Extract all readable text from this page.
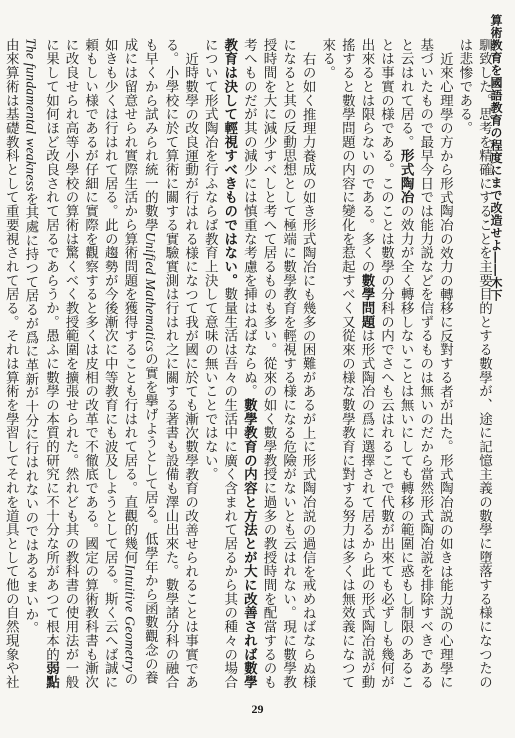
算術教育を國語教育の程度にまで改造せよ――木下

馴致した。思考を精確にすることを主要目的とする數學が、途に記憶主義の數學に墮落する様になつたのは悲惨である。

近來心理學の方から形式陶冶の效力の轉移に反對する者が出た。形式陶冶説の如きは能力説の心理學に基づいたもので最早今日では能力説などを信ずるものは無いのだから當然形式陶冶説を排除すべきであると云はれて居る。形式陶冶の效力が全く轉移しないことは無いにしても轉移の範圍に惑もし制限のあることは事實の様である。このことは數學の分科の内でさへも云はれることで代數が出來ても必ずしも幾何が出來るとは限らないのである。多くの數學問題は形式陶冶の爲に選擇されて居るから此の形式陶冶説が動搖すると數學問題の内容に變化を惹起すべく又從來の様な數學教育に對する努力は多くは無效義になつて來る。

右の如く推理力養成の如き形式陶冶にも幾多の困難があるが上に形式陶冶説の過信を戒めねばならぬ様になると其の反動思想として極端に數學教育を輕視する様になる危險がないとも云はれない。現に數學教授時間を大に減少すべしと考へて居るものも多い。從來の如く數學教授に過多の教授時間を配當するのも考へものだが其の減少には慎重な考慮を挿はねばならぬ。數學教育の内容と方法とが大に改善されば數學教育は決して輕視すべきものではない。數量生活は吾々の生活中に廣く含まれて居るから其の種々の場合について形式陶冶を行ふならば教育上決して意味の無いことではない。

近時數學の改良運動が行はれる様になつて我が國に於ても漸次數學教育の改善せられることは事實である。小學校に於て算術に關する實驗實測は行はれ之に關する著書も設備も澤山出來た。數學諸分科の融合も早くから試みられ統一的數學Unified Mathematicsの實を擧げようとして居る。低學年から函數觀念の養成には留意せられ實際生活から算術問題を獲得することも行はれて居る。直觀的幾何Intuitive Geometryの如きも少くは行はれて居る。此の趨勢が今後漸次に中等教育にも波及しようとして居る。斯く云へば誠に頼もしい様であるが仔細に實際を觀察すると多くは皮相の改革で不徹底である。國定の算術教科書も漸次に改良せられ高等小學校の算術は驚くべく教授範圍を擴張せられた。然れども其の教科書の使用法が一般に果して如何ほど改良されて居るであらうか。愚ふに數學の本質的研究に不十分な所があつて根本的弱點The fundamental weaknessを其處に持つて居るが爲に革新が十分に行はれないのではあるまいか。

由來算術は基礎教科として重要視されて居る。それは算術を學習してそれを道具として他の自然現象や社

29
